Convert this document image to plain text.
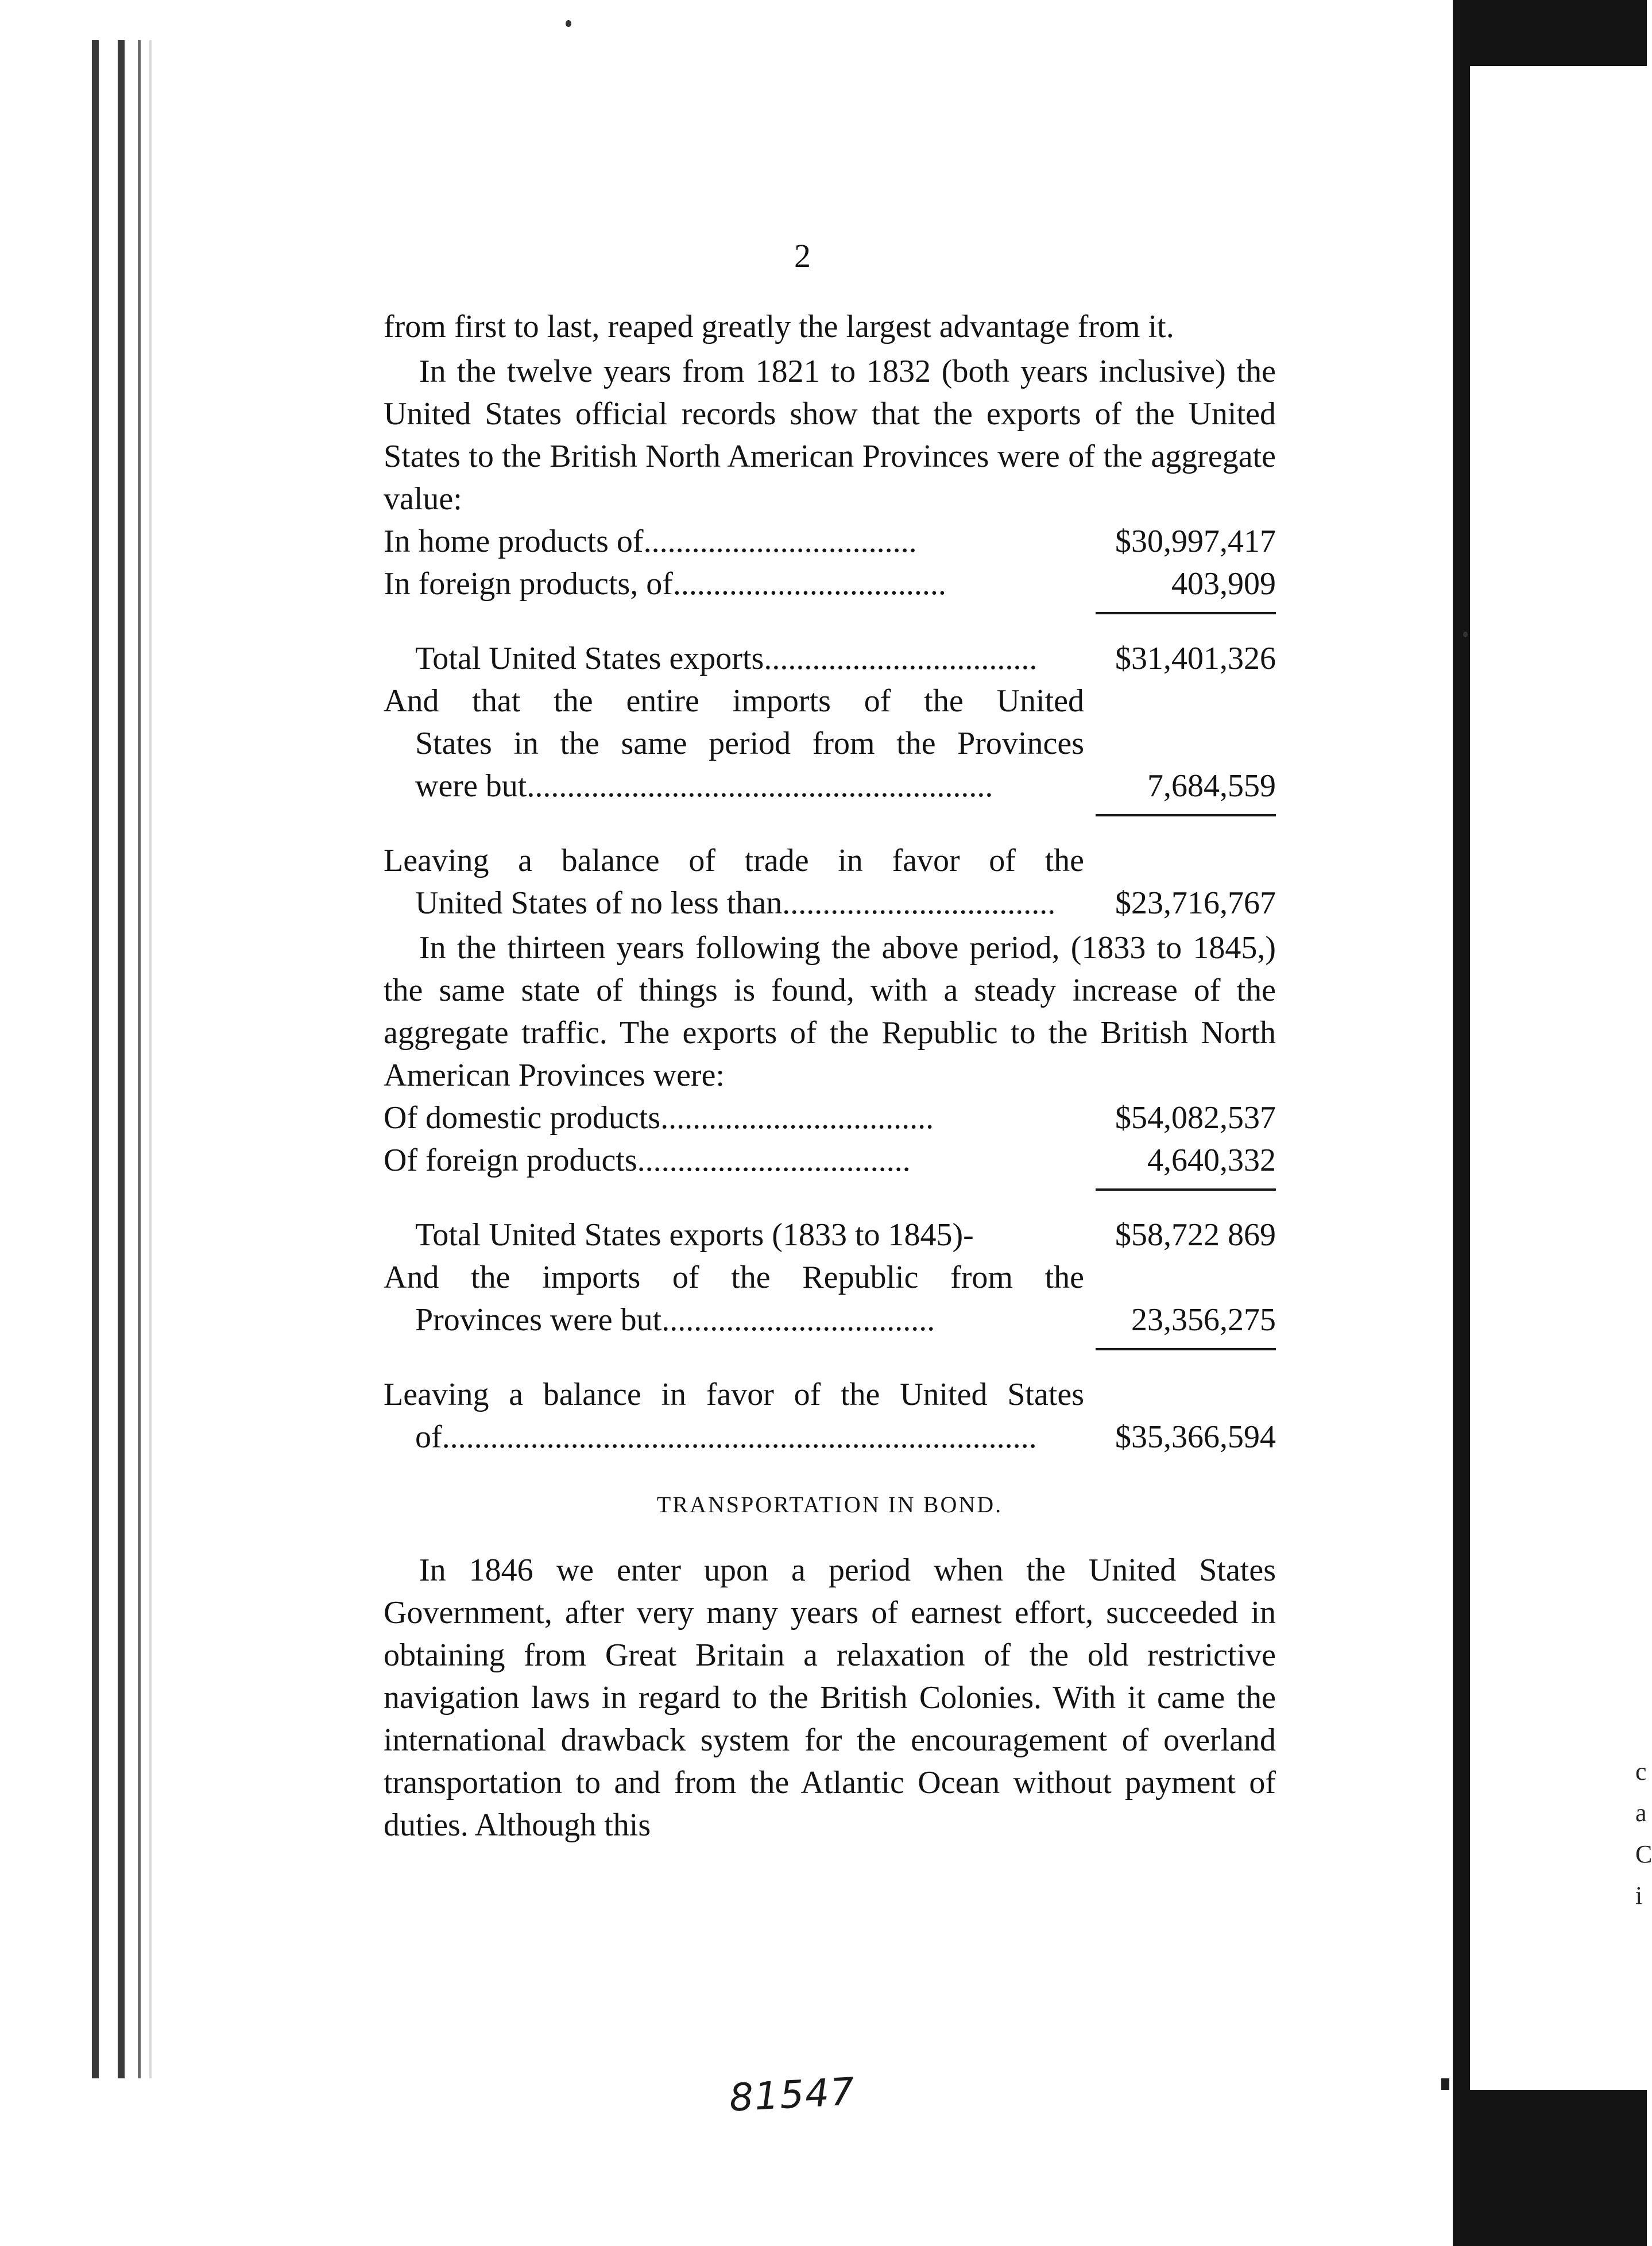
c
a
C
i
2

from first to last, reaped greatly the largest advantage from it.

In the twelve years from 1821 to 1832 (both years inclusive) the United States official records show that the exports of the United States to the British North American Provinces were of the aggregate value:

In home products of..................................	$30,997,417
In foreign products, of..................................	403,909
Total United States exports..................................	$31,401,326
And that the entire imports of the United
States in the same period from the Provinces
were but..........................................................	7,684,559
Leaving a balance of trade in favor of the
United States of no less than..................................	$23,716,767

In the thirteen years following the above period, (1833 to 1845,) the same state of things is found, with a steady increase of the aggregate traffic. The exports of the Republic to the British North American Provinces were:

Of domestic products..................................	$54,082,537
Of foreign products..................................	4,640,332
Total United States exports (1833 to 1845)-	$58,722 869
And the imports of the Republic from the
Provinces were but..................................	23,356,275
Leaving a balance in favor of the United States
of..........................................................................	$35,366,594
TRANSPORTATION IN BOND.

In 1846 we enter upon a period when the United States Government, after very many years of earnest effort, succeeded in obtaining from Great Britain a relaxation of the old restrictive navigation laws in regard to the British Colonies. With it came the international drawback system for the encouragement of overland transportation to and from the Atlantic Ocean without payment of duties. Although this

81547
